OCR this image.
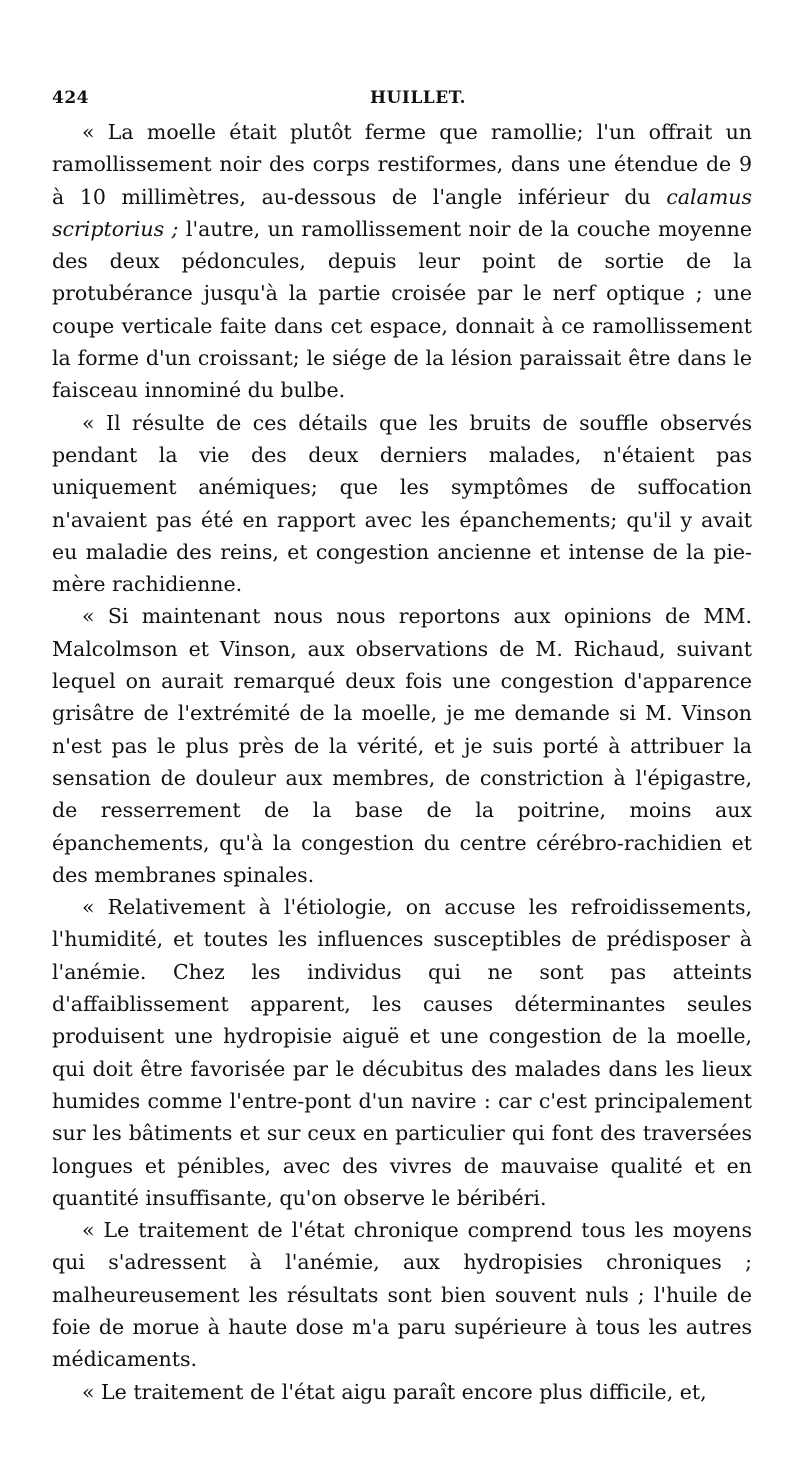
424	HUILLET.

« La moelle était plutôt ferme que ramollie; l'un offrait un ramollissement noir des corps restiformes, dans une étendue de 9 à 10 millimètres, au-dessous de l'angle inférieur du calamus scriptorius ; l'autre, un ramollissement noir de la couche moyenne des deux pédoncules, depuis leur point de sortie de la protubérance jusqu'à la partie croisée par le nerf optique ; une coupe verticale faite dans cet espace, donnait à ce ramollissement la forme d'un croissant; le siége de la lésion paraissait être dans le faisceau innominé du bulbe.

« Il résulte de ces détails que les bruits de souffle observés pendant la vie des deux derniers malades, n'étaient pas uniquement anémiques; que les symptômes de suffocation n'avaient pas été en rapport avec les épanchements; qu'il y avait eu maladie des reins, et congestion ancienne et intense de la pie-mère rachidienne.

« Si maintenant nous nous reportons aux opinions de MM. Malcolmson et Vinson, aux observations de M. Richaud, suivant lequel on aurait remarqué deux fois une congestion d'apparence grisâtre de l'extrémité de la moelle, je me demande si M. Vinson n'est pas le plus près de la vérité, et je suis porté à attribuer la sensation de douleur aux membres, de constriction à l'épigastre, de resserrement de la base de la poitrine, moins aux épanchements, qu'à la congestion du centre cérébro-rachidien et des membranes spinales.

« Relativement à l'étiologie, on accuse les refroidissements, l'humidité, et toutes les influences susceptibles de prédisposer à l'anémie. Chez les individus qui ne sont pas atteints d'affaiblissement apparent, les causes déterminantes seules produisent une hydropisie aiguë et une congestion de la moelle, qui doit être favorisée par le décubitus des malades dans les lieux humides comme l'entre-pont d'un navire : car c'est principalement sur les bâtiments et sur ceux en particulier qui font des traversées longues et pénibles, avec des vivres de mauvaise qualité et en quantité insuffisante, qu'on observe le béribéri.

« Le traitement de l'état chronique comprend tous les moyens qui s'adressent à l'anémie, aux hydropisies chroniques ; malheureusement les résultats sont bien souvent nuls ; l'huile de foie de morue à haute dose m'a paru supérieure à tous les autres médicaments.

« Le traitement de l'état aigu paraît encore plus difficile, et,
